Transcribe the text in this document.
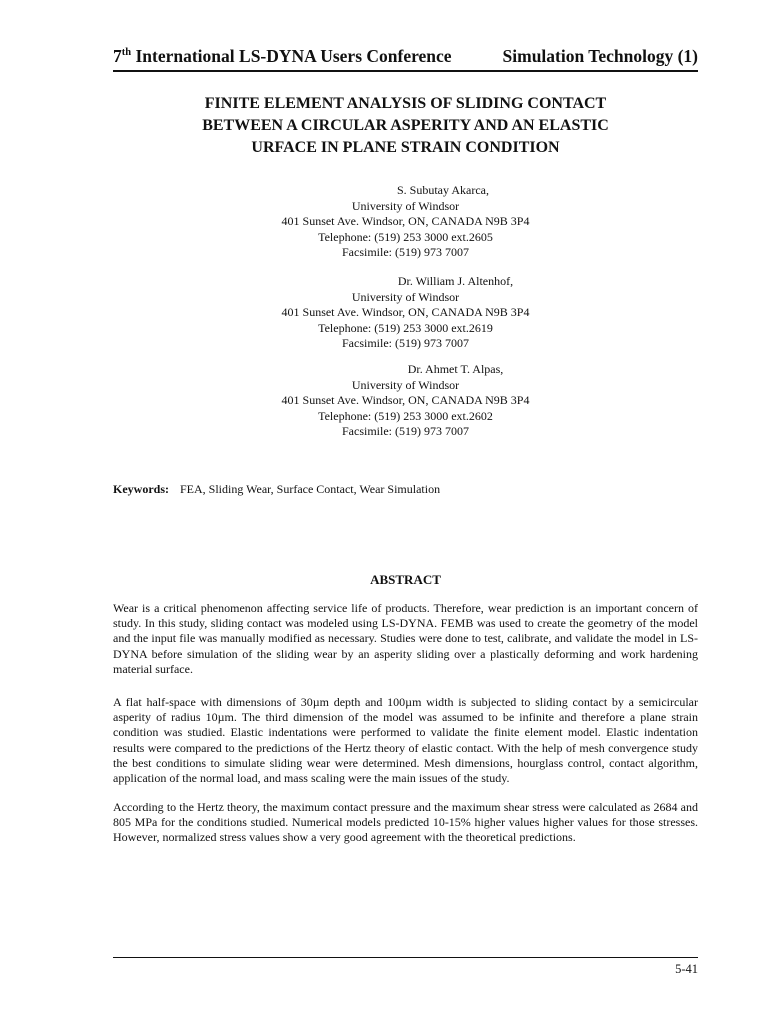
7th International LS-DYNA Users Conference	Simulation Technology (1)
FINITE ELEMENT ANALYSIS OF SLIDING CONTACT
BETWEEN A CIRCULAR ASPERITY AND AN ELASTIC
URFACE IN PLANE STRAIN CONDITION
S. Subutay Akarca,
University of Windsor
401 Sunset Ave. Windsor, ON, CANADA N9B 3P4
Telephone: (519) 253 3000 ext.2605
Facsimile: (519) 973 7007
Dr. William J. Altenhof,
University of Windsor
401 Sunset Ave. Windsor, ON, CANADA N9B 3P4
Telephone: (519) 253 3000 ext.2619
Facsimile: (519) 973 7007
Dr. Ahmet T. Alpas,
University of Windsor
401 Sunset Ave. Windsor, ON, CANADA N9B 3P4
Telephone: (519) 253 3000 ext.2602
Facsimile: (519) 973 7007
Keywords: FEA, Sliding Wear, Surface Contact, Wear Simulation
ABSTRACT
Wear is a critical phenomenon affecting service life of products. Therefore, wear prediction is an important concern of study. In this study, sliding contact was modeled using LS-DYNA. FEMB was used to create the geometry of the model and the input file was manually modified as necessary. Studies were done to test, calibrate, and validate the model in LS-DYNA before simulation of the sliding wear by an asperity sliding over a plastically deforming and work hardening material surface.
A flat half-space with dimensions of 30µm depth and 100µm width is subjected to sliding contact by a semicircular asperity of radius 10µm. The third dimension of the model was assumed to be infinite and therefore a plane strain condition was studied. Elastic indentations were performed to validate the finite element model. Elastic indentation results were compared to the predictions of the Hertz theory of elastic contact. With the help of mesh convergence study the best conditions to simulate sliding wear were determined. Mesh dimensions, hourglass control, contact algorithm, application of the normal load, and mass scaling were the main issues of the study.
According to the Hertz theory, the maximum contact pressure and the maximum shear stress were calculated as 2684 and 805 MPa for the conditions studied. Numerical models predicted 10-15% higher values higher values for those stresses. However, normalized stress values show a very good agreement with the theoretical predictions.
5-41
